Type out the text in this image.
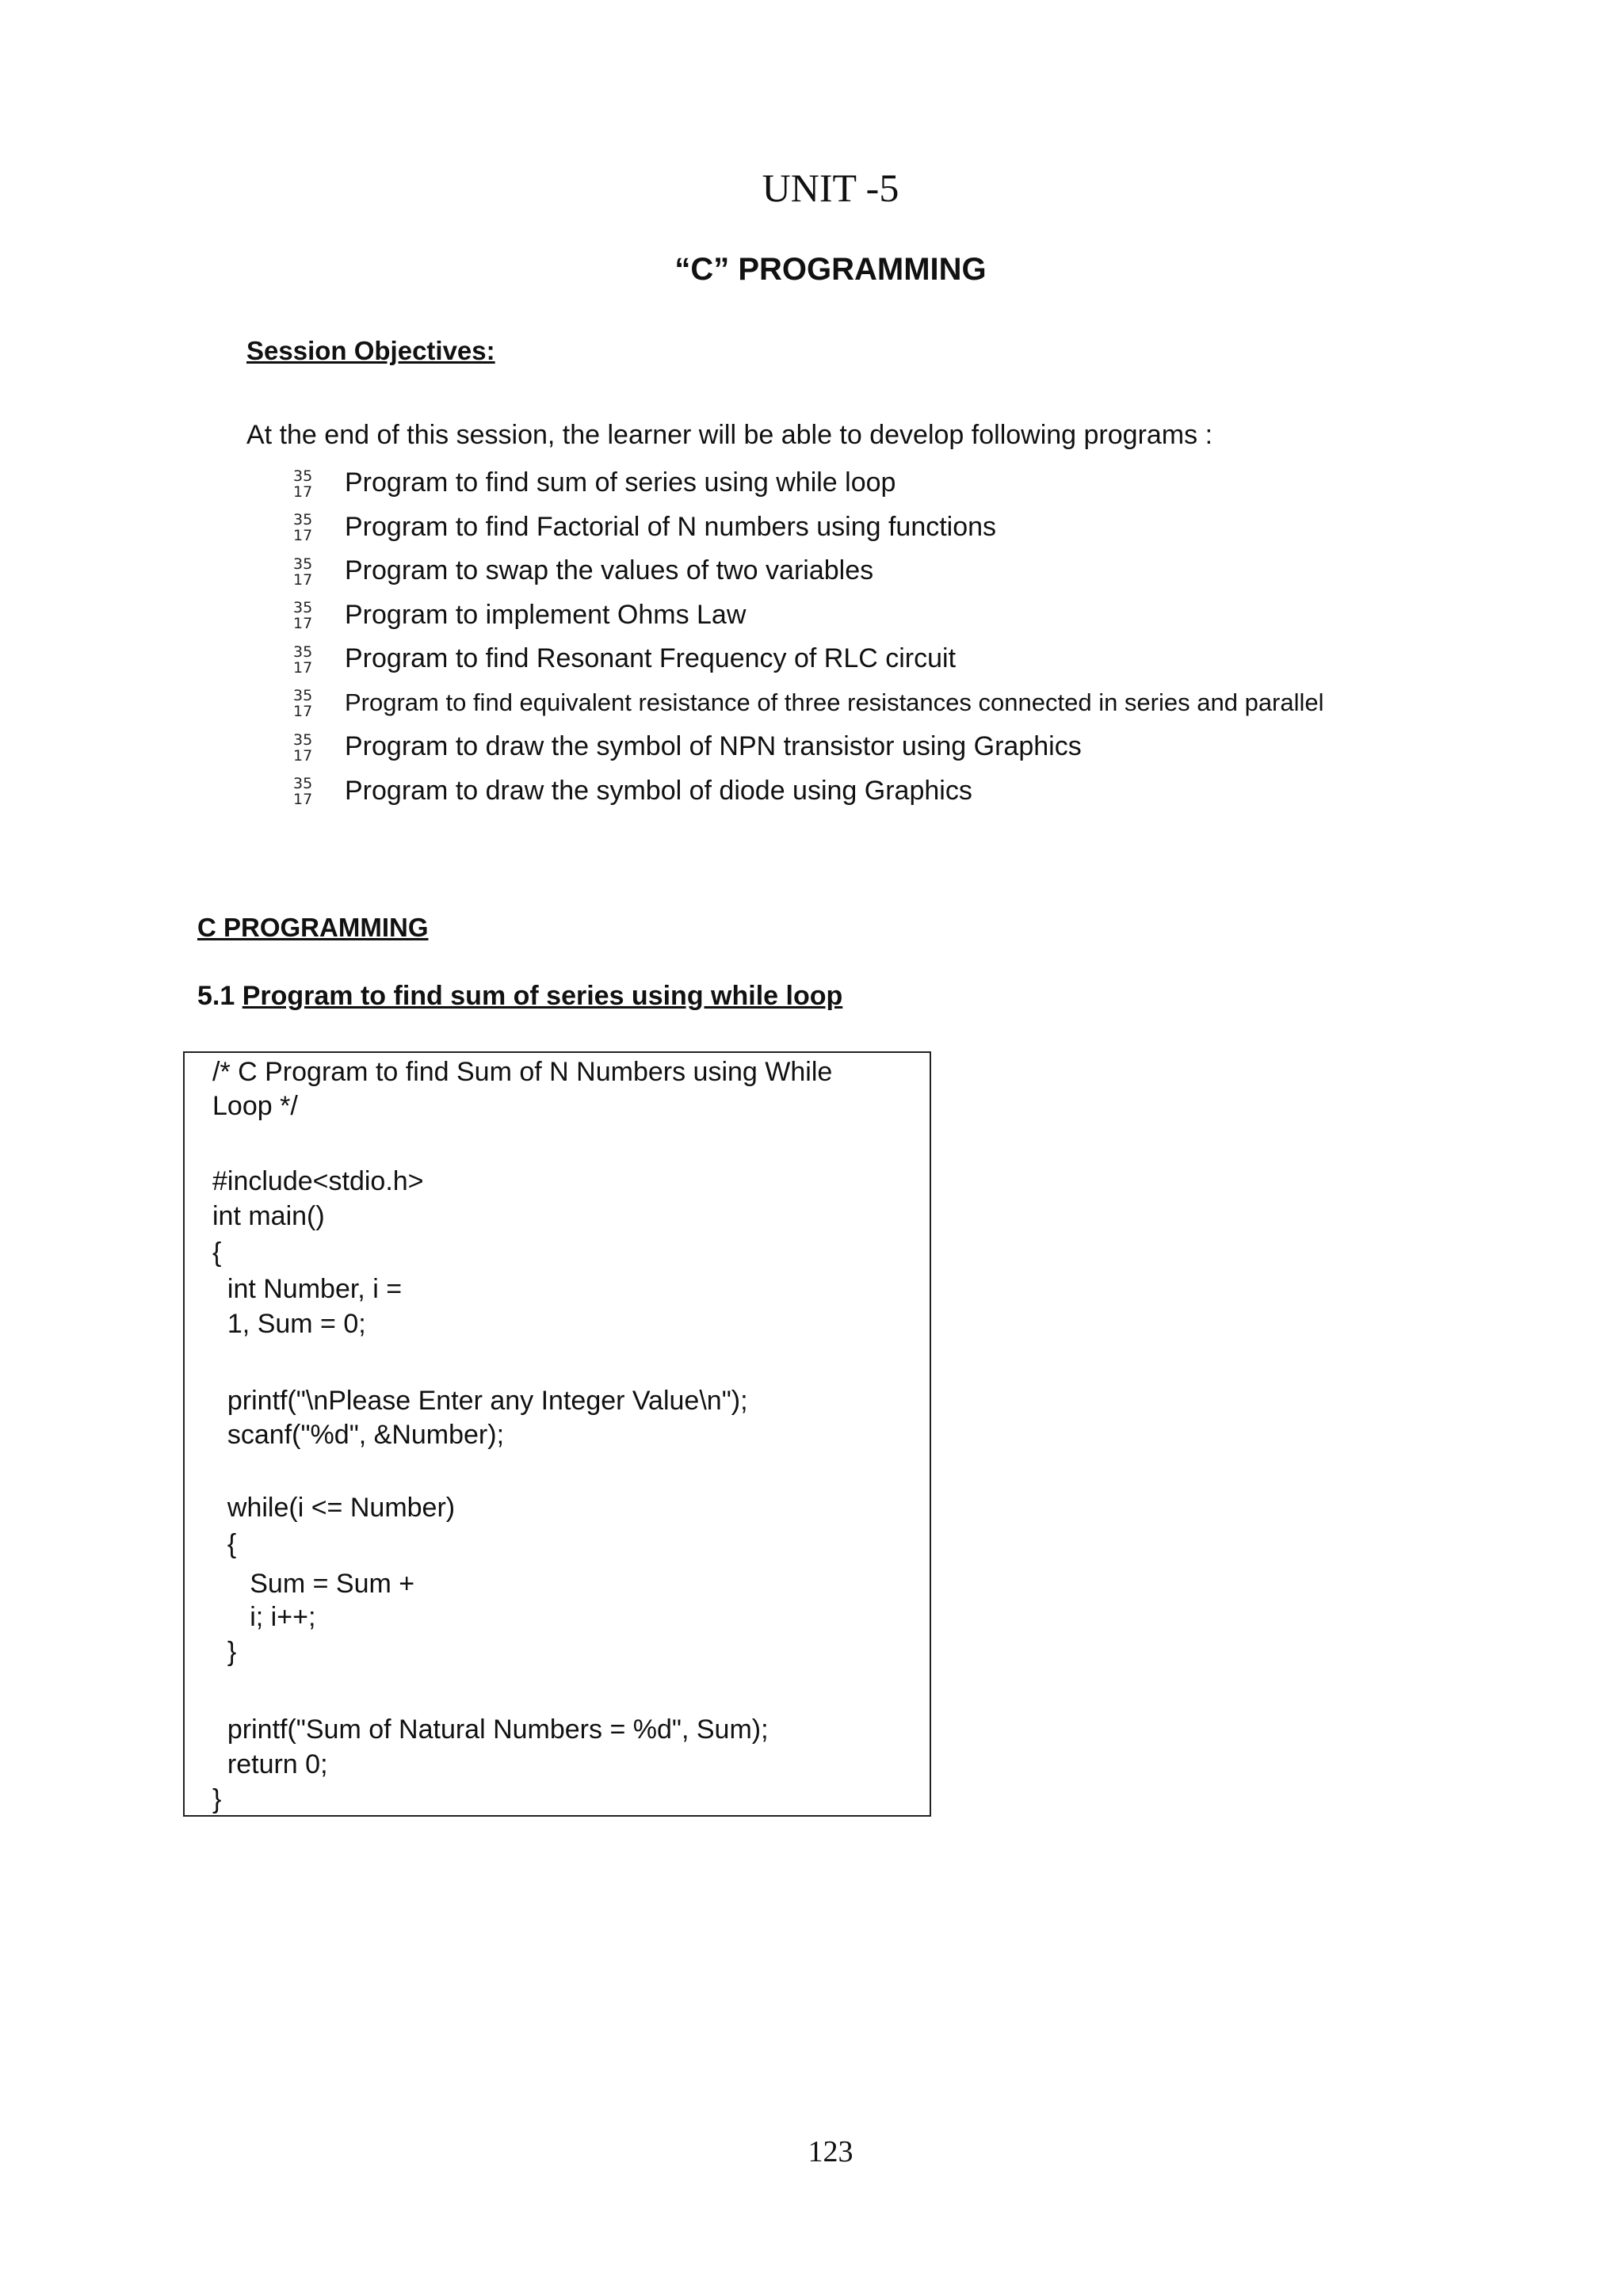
UNIT -5
“C” PROGRAMMING
Session Objectives:
At the end of this session, the learner will be able to develop following programs :
35
17	Program to find sum of series using while loop
35
17	Program to find Factorial of N numbers using functions
35
17	Program to swap the values of two variables
35
17	Program to implement Ohms Law
35
17	Program to find Resonant Frequency of RLC circuit
35
17	Program to find equivalent resistance of three resistances connected in series and parallel
35
17	Program to draw the symbol of NPN transistor using Graphics
35
17	Program to draw the symbol of diode using Graphics
C PROGRAMMING
5.1 Program to find sum of series using while loop
/* C Program to find Sum of N Numbers using While
Loop */
#include<stdio.h>
int main()
{
int Number, i =
1, Sum = 0;
printf("\nPlease Enter any Integer Value\n");
scanf("%d", &Number);
while(i <= Number)
{
Sum = Sum +
i; i++;
}
printf("Sum of Natural Numbers = %d", Sum);
return 0;
}
123
